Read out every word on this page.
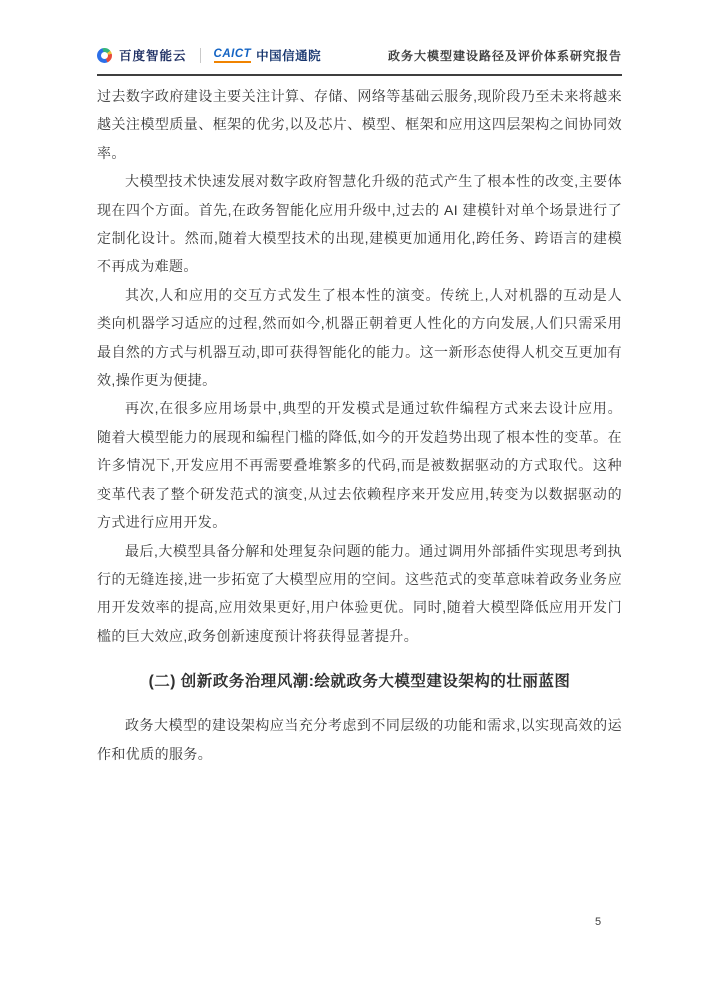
百度智能云 CAICT 中国信通院	政务大模型建设路径及评价体系研究报告

过去数字政府建设主要关注计算、存储、网络等基础云服务,现阶段乃至未来将越来越关注模型质量、框架的优劣,以及芯片、模型、框架和应用这四层架构之间协同效率。

大模型技术快速发展对数字政府智慧化升级的范式产生了根本性的改变,主要体现在四个方面。首先,在政务智能化应用升级中,过去的 AI 建模针对单个场景进行了定制化设计。然而,随着大模型技术的出现,建模更加通用化,跨任务、跨语言的建模不再成为难题。

其次,人和应用的交互方式发生了根本性的演变。传统上,人对机器的互动是人类向机器学习适应的过程,然而如今,机器正朝着更人性化的方向发展,人们只需采用最自然的方式与机器互动,即可获得智能化的能力。这一新形态使得人机交互更加有效,操作更为便捷。

再次,在很多应用场景中,典型的开发模式是通过软件编程方式来去设计应用。随着大模型能力的展现和编程门槛的降低,如今的开发趋势出现了根本性的变革。在许多情况下,开发应用不再需要叠堆繁多的代码,而是被数据驱动的方式取代。这种变革代表了整个研发范式的演变,从过去依赖程序来开发应用,转变为以数据驱动的方式进行应用开发。

最后,大模型具备分解和处理复杂问题的能力。通过调用外部插件实现思考到执行的无缝连接,进一步拓宽了大模型应用的空间。这些范式的变革意味着政务业务应用开发效率的提高,应用效果更好,用户体验更优。同时,随着大模型降低应用开发门槛的巨大效应,政务创新速度预计将获得显著提升。

(二) 创新政务治理风潮:绘就政务大模型建设架构的壮丽蓝图

政务大模型的建设架构应当充分考虑到不同层级的功能和需求,以实现高效的运作和优质的服务。

5
